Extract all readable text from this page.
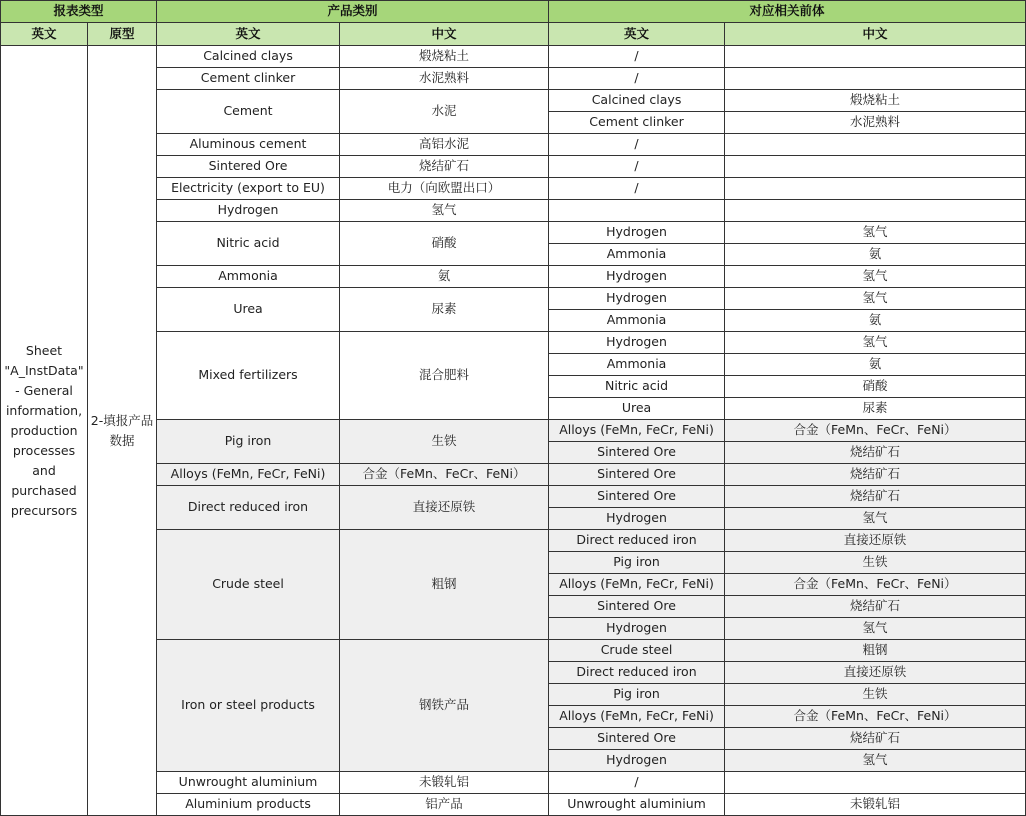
报表类型		产品类别		对应相关前体	
英文	原型	英文	中文	英文	中文
Sheet "A_InstData" - General information, production processes and purchased precursors	2-填报产品数据	Calcined clays	煅烧粘土	/	
		Cement clinker	水泥熟料	/	
		Cement	水泥	Calcined clays	煅烧粘土
				Cement clinker	水泥熟料
		Aluminous cement	高铝水泥	/	
		Sintered Ore	烧结矿石	/	
		Electricity (export to EU)	电力（向欧盟出口）	/	
		Hydrogen	氢气		
		Nitric acid	硝酸	Hydrogen	氢气
				Ammonia	氨
		Ammonia	氨	Hydrogen	氢气
		Urea	尿素	Hydrogen	氢气
				Ammonia	氨
		Mixed fertilizers	混合肥料	Hydrogen	氢气
				Ammonia	氨
				Nitric acid	硝酸
				Urea	尿素
		Pig iron	生铁	Alloys (FeMn, FeCr, FeNi)	合金（FeMn、FeCr、FeNi）
				Sintered Ore	烧结矿石
		Alloys (FeMn, FeCr, FeNi)	合金（FeMn、FeCr、FeNi）	Sintered Ore	烧结矿石
		Direct reduced iron	直接还原铁	Sintered Ore	烧结矿石
				Hydrogen	氢气
		Crude steel	粗钢	Direct reduced iron	直接还原铁
				Pig iron	生铁
				Alloys (FeMn, FeCr, FeNi)	合金（FeMn、FeCr、FeNi）
				Sintered Ore	烧结矿石
				Hydrogen	氢气
		Iron or steel products	钢铁产品	Crude steel	粗钢
				Direct reduced iron	直接还原铁
				Pig iron	生铁
				Alloys (FeMn, FeCr, FeNi)	合金（FeMn、FeCr、FeNi）
				Sintered Ore	烧结矿石
				Hydrogen	氢气
		Unwrought aluminium	未锻轧铝	/	
		Aluminium products	铝产品	Unwrought aluminium	未锻轧铝
